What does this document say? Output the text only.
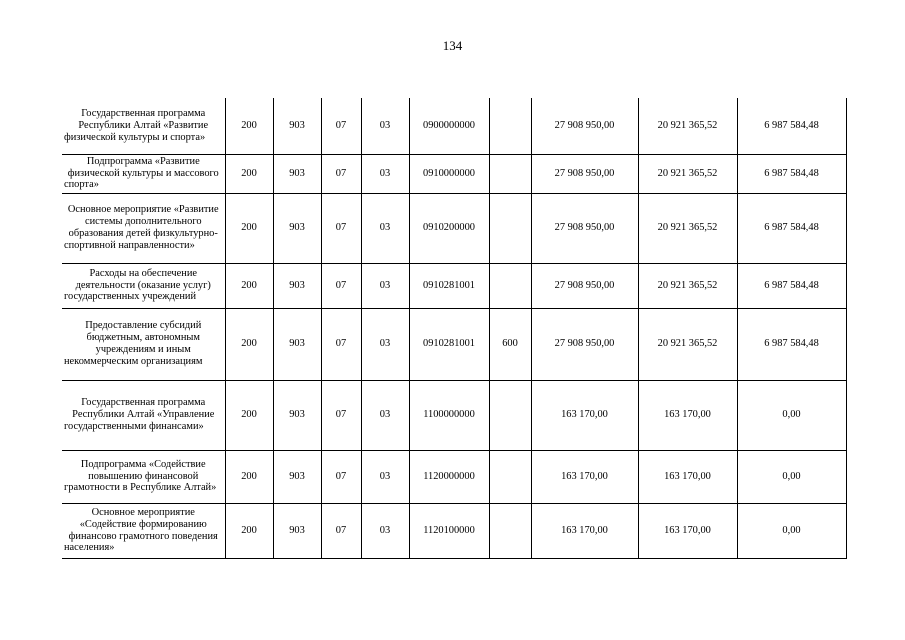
134
Государственная программа Республики Алтай «Развитие физической культуры и спорта»	200	903	07	03	0900000000		27 908 950,00	20 921 365,52	6 987 584,48
Подпрограмма «Развитие физической культуры и массового спорта»	200	903	07	03	0910000000		27 908 950,00	20 921 365,52	6 987 584,48
Основное мероприятие «Развитие системы дополнительного образования детей физкультурно-спортивной направленности»	200	903	07	03	0910200000		27 908 950,00	20 921 365,52	6 987 584,48
Расходы на обеспечение деятельности (оказание услуг) государственных учреждений	200	903	07	03	0910281001		27 908 950,00	20 921 365,52	6 987 584,48
Предоставление субсидий бюджетным, автономным учреждениям и иным некоммерческим организациям	200	903	07	03	0910281001	600	27 908 950,00	20 921 365,52	6 987 584,48
Государственная программа Республики Алтай «Управление государственными финансами»	200	903	07	03	1100000000		163 170,00	163 170,00	0,00
Подпрограмма «Содействие повышению финансовой грамотности в Республике Алтай»	200	903	07	03	1120000000		163 170,00	163 170,00	0,00
Основное мероприятие «Содействие формированию финансово грамотного поведения населения»	200	903	07	03	1120100000		163 170,00	163 170,00	0,00
